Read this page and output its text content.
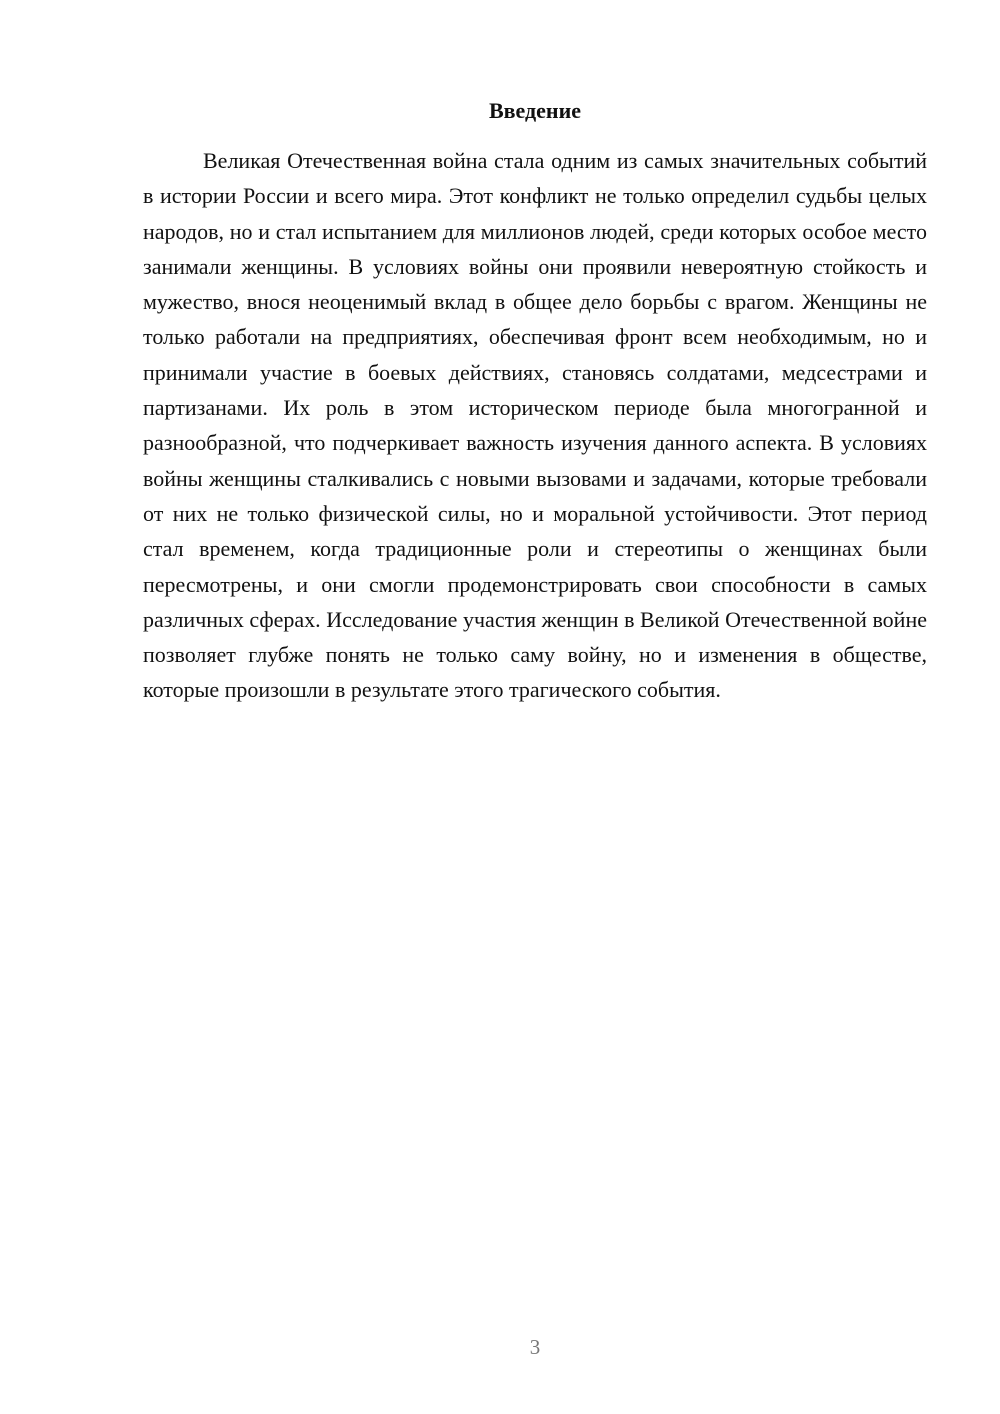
Введение

Великая Отечественная война стала одним из самых значительных событий в истории России и всего мира. Этот конфликт не только определил судьбы целых народов, но и стал испытанием для миллионов людей, среди которых особое место занимали женщины. В условиях войны они проявили невероятную стойкость и мужество, внося неоценимый вклад в общее дело борьбы с врагом. Женщины не только работали на предприятиях, обеспечивая фронт всем необходимым, но и принимали участие в боевых действиях, становясь солдатами, медсестрами и партизанами. Их роль в этом историческом периоде была многогранной и разнообразной, что подчеркивает важность изучения данного аспекта. В условиях войны женщины сталкивались с новыми вызовами и задачами, которые требовали от них не только физической силы, но и моральной устойчивости. Этот период стал временем, когда традиционные роли и стереотипы о женщинах были пересмотрены, и они смогли продемонстрировать свои способности в самых различных сферах. Исследование участия женщин в Великой Отечественной войне позволяет глубже понять не только саму войну, но и изменения в обществе, которые произошли в результате этого трагического события.

3
